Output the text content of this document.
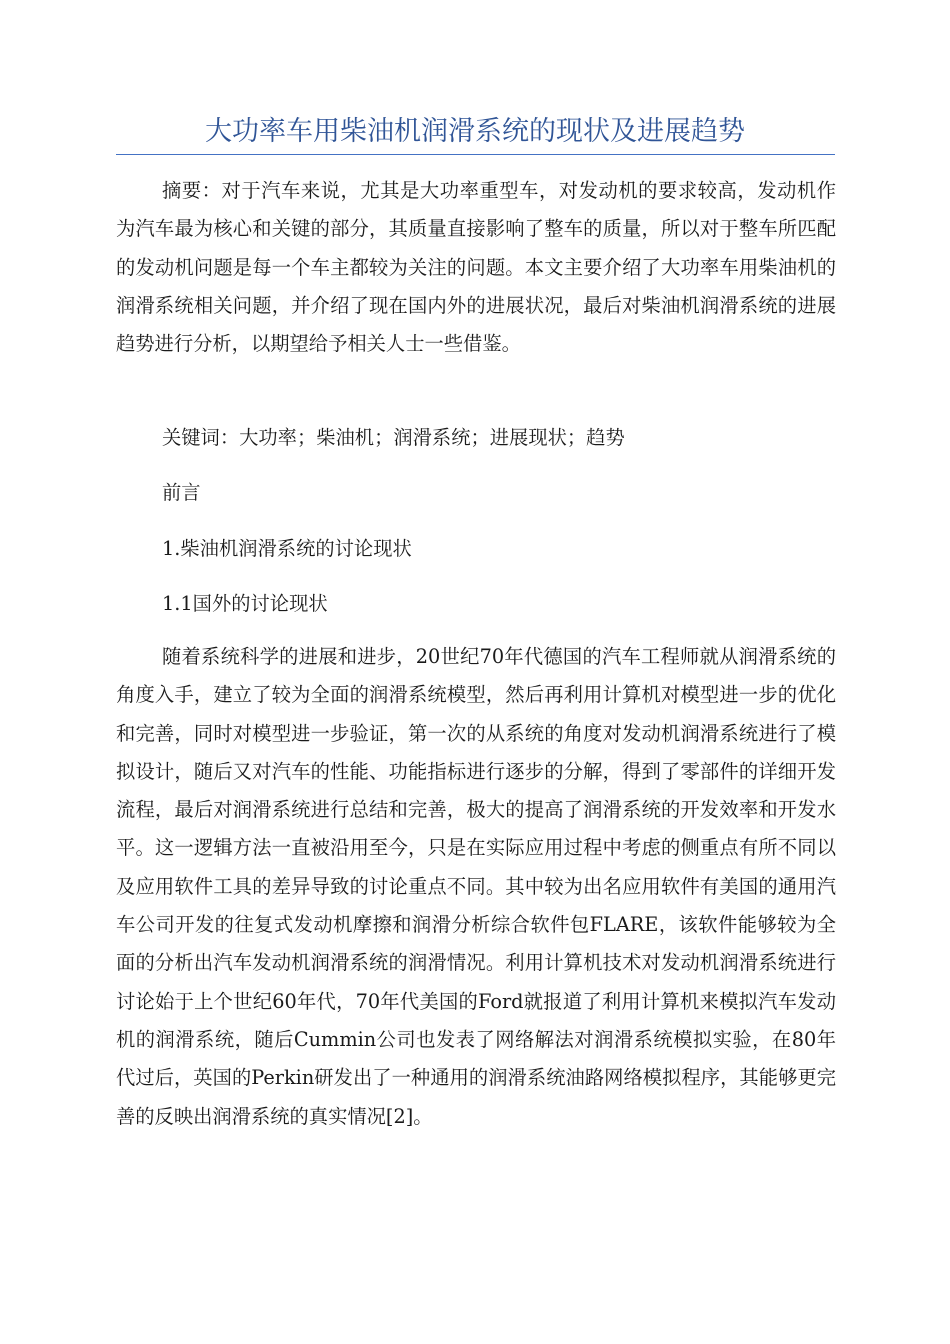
大功率车用柴油机润滑系统的现状及进展趋势

摘要：对于汽车来说，尤其是大功率重型车，对发动机的要求较高，发动机作为汽车最为核心和关键的部分，其质量直接影响了整车的质量，所以对于整车所匹配的发动机问题是每一个车主都较为关注的问题。本文主要介绍了大功率车用柴油机的润滑系统相关问题，并介绍了现在国内外的进展状况，最后对柴油机润滑系统的进展趋势进行分析，以期望给予相关人士一些借鉴。

关键词：大功率；柴油机；润滑系统；进展现状；趋势

前言

1.柴油机润滑系统的讨论现状

1.1国外的讨论现状

随着系统科学的进展和进步，20世纪70年代德国的汽车工程师就从润滑系统的角度入手，建立了较为全面的润滑系统模型，然后再利用计算机对模型进一步的优化和完善，同时对模型进一步验证，第一次的从系统的角度对发动机润滑系统进行了模拟设计，随后又对汽车的性能、功能指标进行逐步的分解，得到了零部件的详细开发流程，最后对润滑系统进行总结和完善，极大的提高了润滑系统的开发效率和开发水平。这一逻辑方法一直被沿用至今，只是在实际应用过程中考虑的侧重点有所不同以及应用软件工具的差异导致的讨论重点不同。其中较为出名应用软件有美国的通用汽车公司开发的往复式发动机摩擦和润滑分析综合软件包FLARE，该软件能够较为全面的分析出汽车发动机润滑系统的润滑情况。利用计算机技术对发动机润滑系统进行讨论始于上个世纪60年代，70年代美国的Ford就报道了利用计算机来模拟汽车发动机的润滑系统，随后Cummin公司也发表了网络解法对润滑系统模拟实验，在80年代过后，英国的Perkin研发出了一种通用的润滑系统油路网络模拟程序，其能够更完善的反映出润滑系统的真实情况[2]。
